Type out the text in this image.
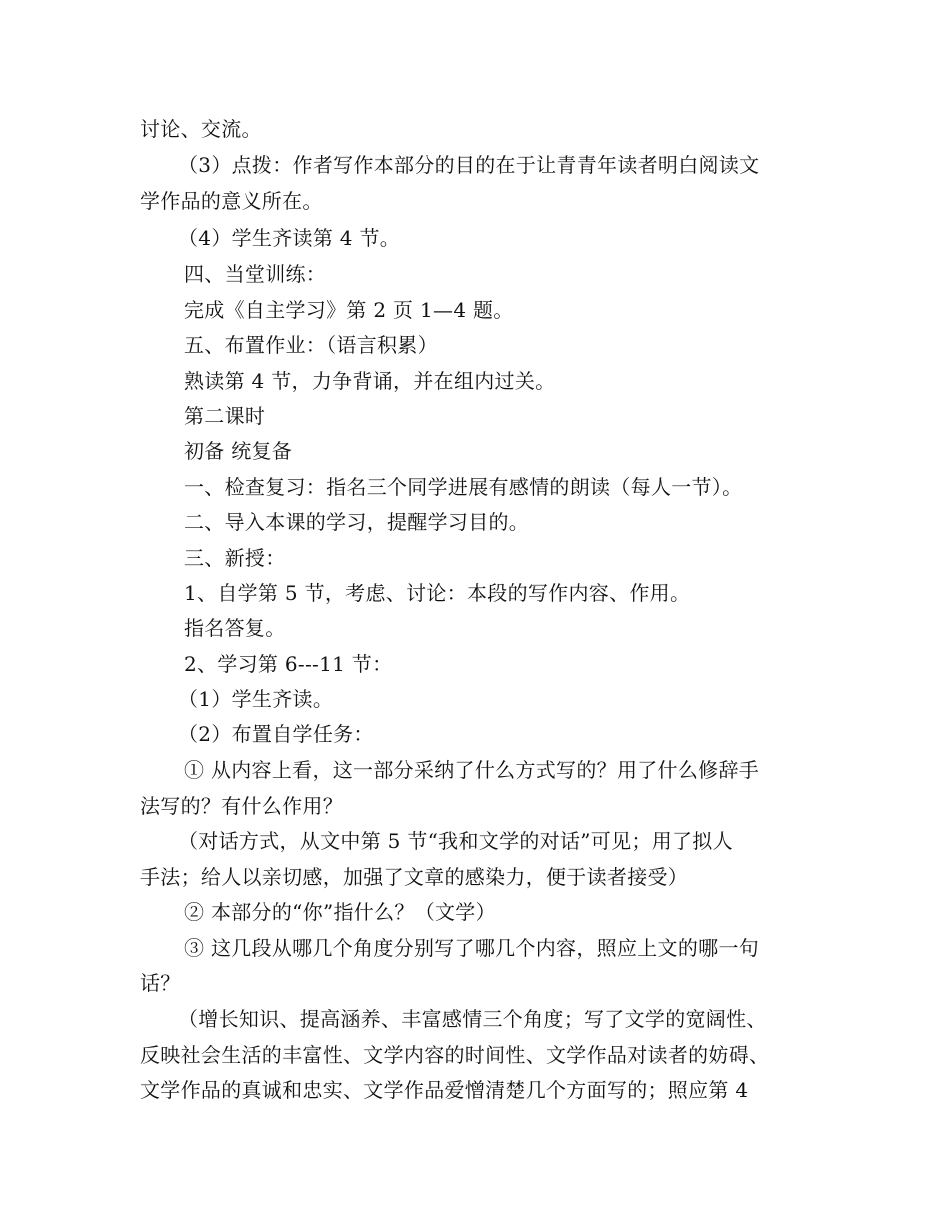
讨论、交流。
（3）点拨：作者写作本部分的目的在于让青青年读者明白阅读文
学作品的意义所在。
（4）学生齐读第 4 节。
四、当堂训练：
完成《自主学习》第 2 页 1—4 题。
五、布置作业：（语言积累）
熟读第 4 节，力争背诵，并在组内过关。
第二课时
初备 统复备
一、检查复习：指名三个同学进展有感情的朗读（每人一节）。
二、导入本课的学习，提醒学习目的。
三、新授：
1、自学第 5 节，考虑、讨论：本段的写作内容、作用。
指名答复。
2、学习第 6---11 节：
（1）学生齐读。
（2）布置自学任务：
① 从内容上看，这一部分采纳了什么方式写的？用了什么修辞手
法写的？有什么作用？
（对话方式，从文中第 5 节“我和文学的对话”可见；用了拟人
手法；给人以亲切感，加强了文章的感染力，便于读者接受）
② 本部分的“你”指什么？（文学）
③ 这几段从哪几个角度分别写了哪几个内容，照应上文的哪一句
话？
（增长知识、提高涵养、丰富感情三个角度；写了文学的宽阔性、
反映社会生活的丰富性、文学内容的时间性、文学作品对读者的妨碍、
文学作品的真诚和忠实、文学作品爱憎清楚几个方面写的；照应第 4
